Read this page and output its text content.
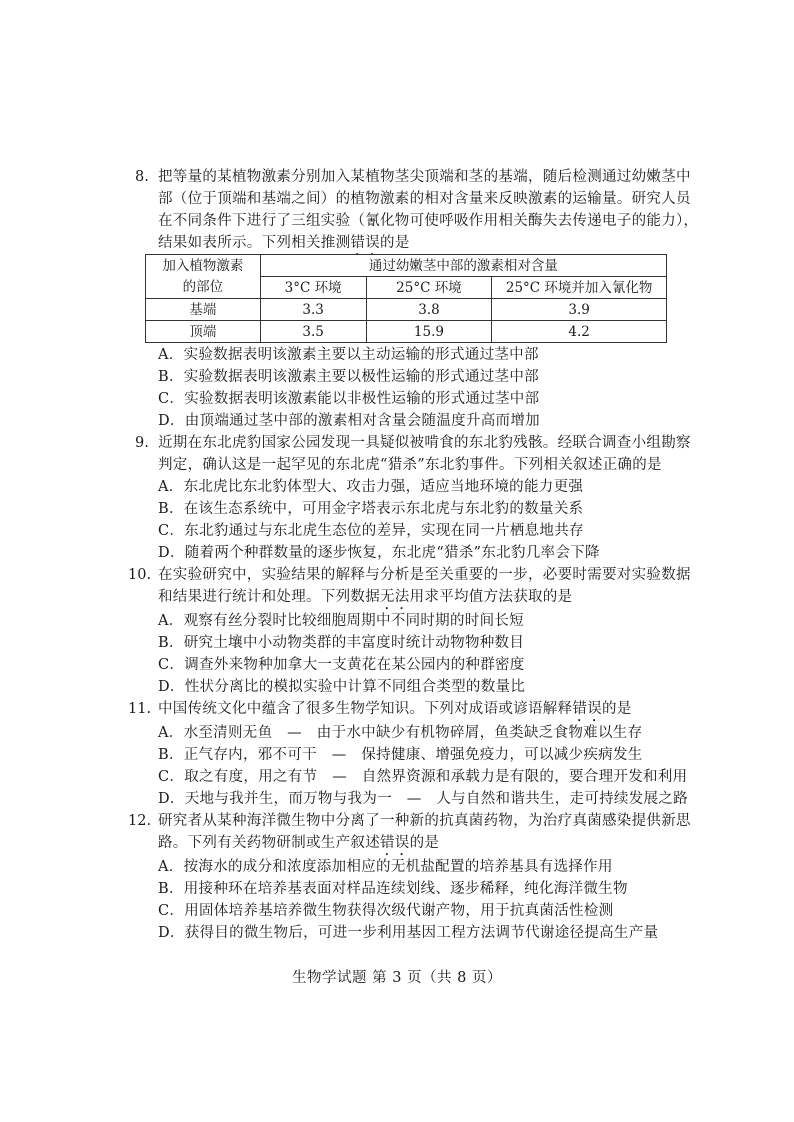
8. 把等量的某植物激素分别加入某植物茎尖顶端和茎的基端，随后检测通过幼嫩茎中
部（位于顶端和基端之间）的植物激素的相对含量来反映激素的运输量。研究人员
在不同条件下进行了三组实验（氰化物可使呼吸作用相关酶失去传递电子的能力），
结果如表所示。下列相关推测错误的是
加入植物激素
的部位	通过幼嫩茎中部的激素相对含量		
	3°C 环境	25°C 环境	25°C 环境并加入氰化物
基端	3.3	3.8	3.9
顶端	3.5	15.9	4.2
A．实验数据表明该激素主要以主动运输的形式通过茎中部
B．实验数据表明该激素主要以极性运输的形式通过茎中部
C．实验数据表明该激素能以非极性运输的形式通过茎中部
D．由顶端通过茎中部的激素相对含量会随温度升高而增加
9. 近期在东北虎豹国家公园发现一具疑似被啃食的东北豹残骸。经联合调查小组勘察
判定，确认这是一起罕见的东北虎“猎杀”东北豹事件。下列相关叙述正确的是
A．东北虎比东北豹体型大、攻击力强，适应当地环境的能力更强
B．在该生态系统中，可用金字塔表示东北虎与东北豹的数量关系
C．东北豹通过与东北虎生态位的差异，实现在同一片栖息地共存
D．随着两个种群数量的逐步恢复，东北虎“猎杀”东北豹几率会下降
10. 在实验研究中，实验结果的解释与分析是至关重要的一步，必要时需要对实验数据
和结果进行统计和处理。下列数据无法用求平均值方法获取的是
A．观察有丝分裂时比较细胞周期中不同时期的时间长短
B．研究土壤中小动物类群的丰富度时统计动物物种数目
C．调查外来物种加拿大一支黄花在某公园内的种群密度
D．性状分离比的模拟实验中计算不同组合类型的数量比
11. 中国传统文化中蕴含了很多生物学知识。下列对成语或谚语解释错误的是
A．水至清则无鱼　—　由于水中缺少有机物碎屑，鱼类缺乏食物难以生存
B．正气存内，邪不可干　—　保持健康、增强免疫力，可以减少疾病发生
C．取之有度，用之有节　—　自然界资源和承载力是有限的，要合理开发和利用
D．天地与我并生，而万物与我为一　—　人与自然和谐共生，走可持续发展之路
12. 研究者从某种海洋微生物中分离了一种新的抗真菌药物，为治疗真菌感染提供新思
路。下列有关药物研制或生产叙述错误的是
A．按海水的成分和浓度添加相应的无机盐配置的培养基具有选择作用
B．用接种环在培养基表面对样品连续划线、逐步稀释，纯化海洋微生物
C．用固体培养基培养微生物获得次级代谢产物，用于抗真菌活性检测
D．获得目的微生物后，可进一步利用基因工程方法调节代谢途径提高生产量
生物学试题 第 3 页（共 8 页）
